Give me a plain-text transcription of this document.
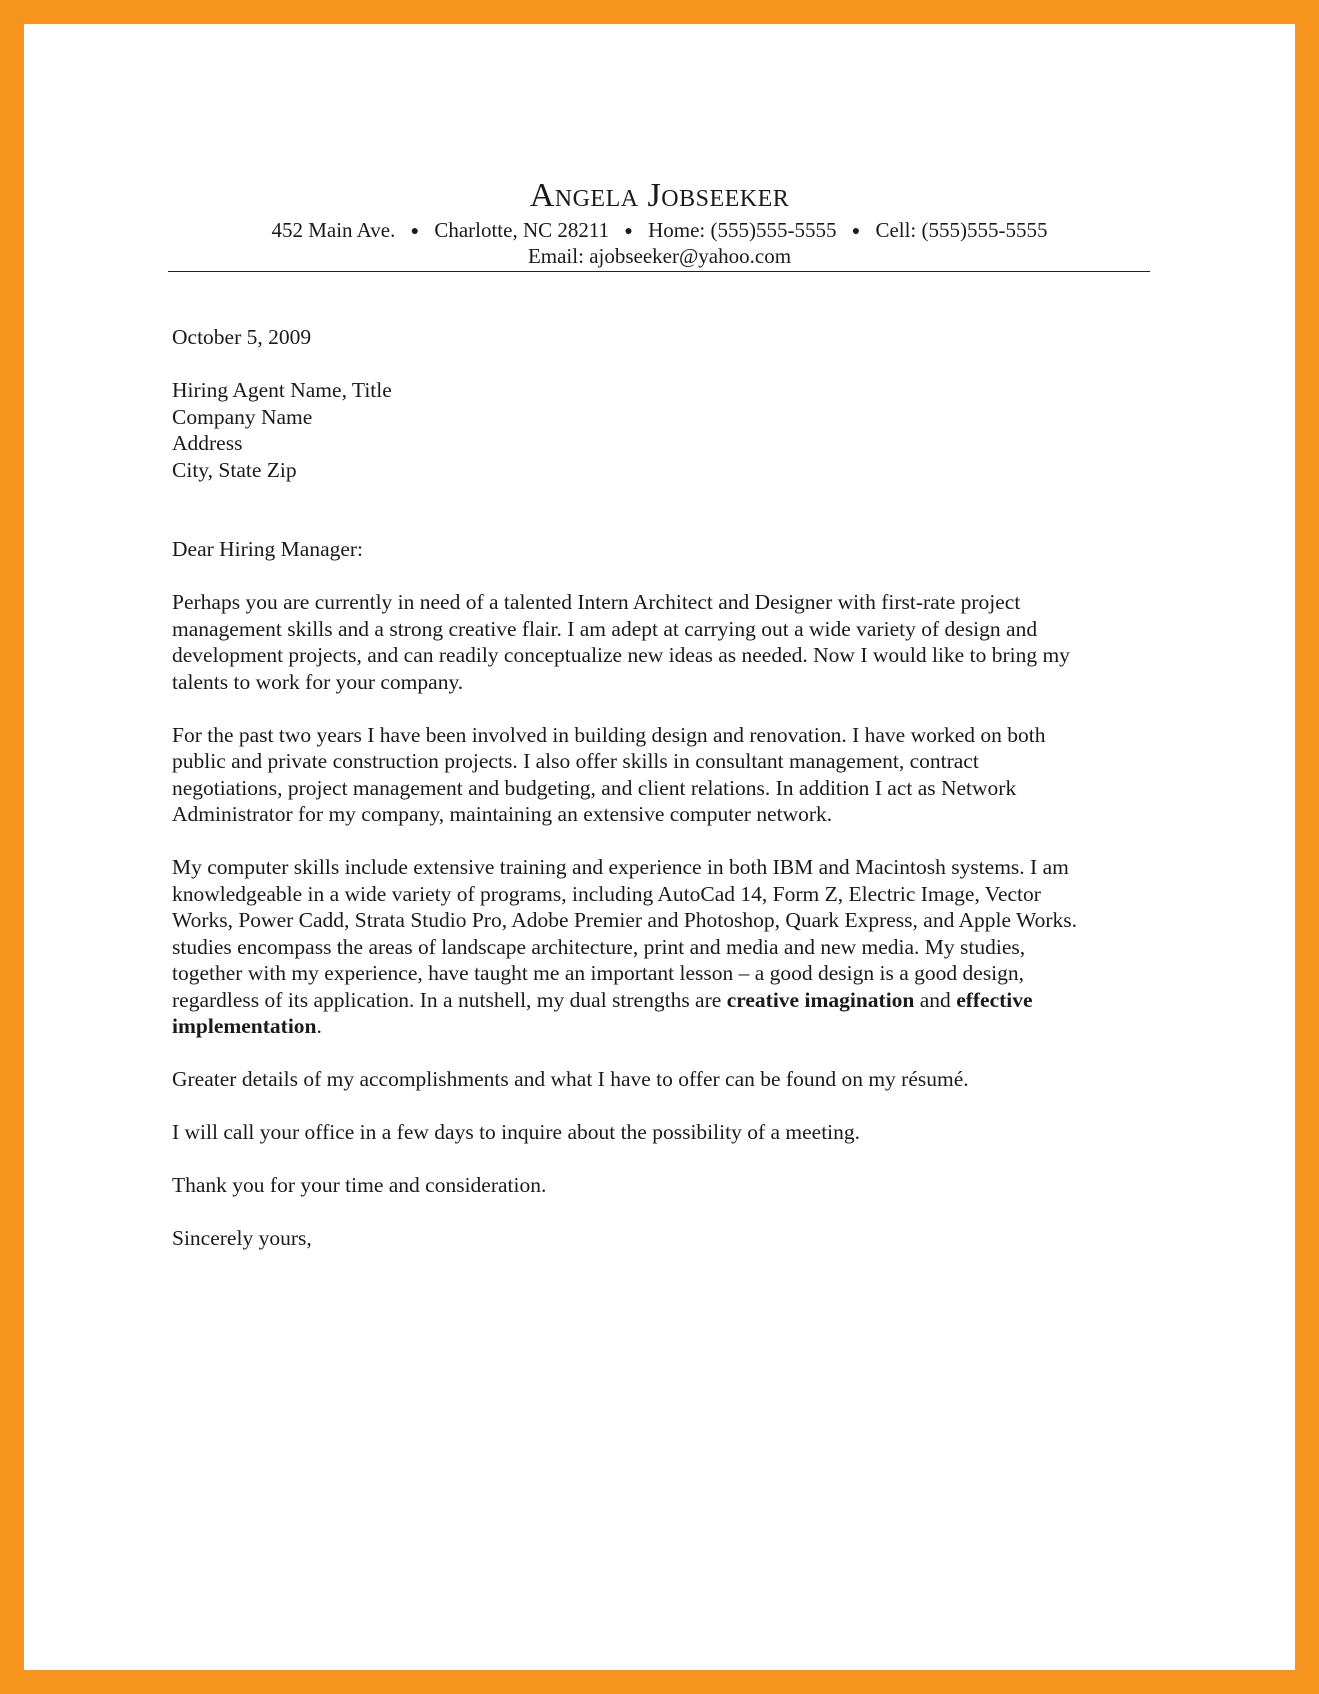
Angela Jobseeker
452 Main Ave. ● Charlotte, NC 28211 ● Home: (555)555-5555 ● Cell: (555)555-5555
Email: ajobseeker@yahoo.com
October 5, 2009
Hiring Agent Name, Title
Company Name
Address
City, State Zip
Dear Hiring Manager:
Perhaps you are currently in need of a talented Intern Architect and Designer with first-rate project
management skills and a strong creative flair. I am adept at carrying out a wide variety of design and
development projects, and can readily conceptualize new ideas as needed. Now I would like to bring my
talents to work for your company.
For the past two years I have been involved in building design and renovation. I have worked on both
public and private construction projects. I also offer skills in consultant management, contract
negotiations, project management and budgeting, and client relations. In addition I act as Network
Administrator for my company, maintaining an extensive computer network.
My computer skills include extensive training and experience in both IBM and Macintosh systems. I am
knowledgeable in a wide variety of programs, including AutoCad 14, Form Z, Electric Image, Vector
Works, Power Cadd, Strata Studio Pro, Adobe Premier and Photoshop, Quark Express, and Apple Works.
studies encompass the areas of landscape architecture, print and media and new media. My studies,
together with my experience, have taught me an important lesson – a good design is a good design,
regardless of its application. In a nutshell, my dual strengths are creative imagination and effective
implementation.
Greater details of my accomplishments and what I have to offer can be found on my résumé.
I will call your office in a few days to inquire about the possibility of a meeting.
Thank you for your time and consideration.
Sincerely yours,
